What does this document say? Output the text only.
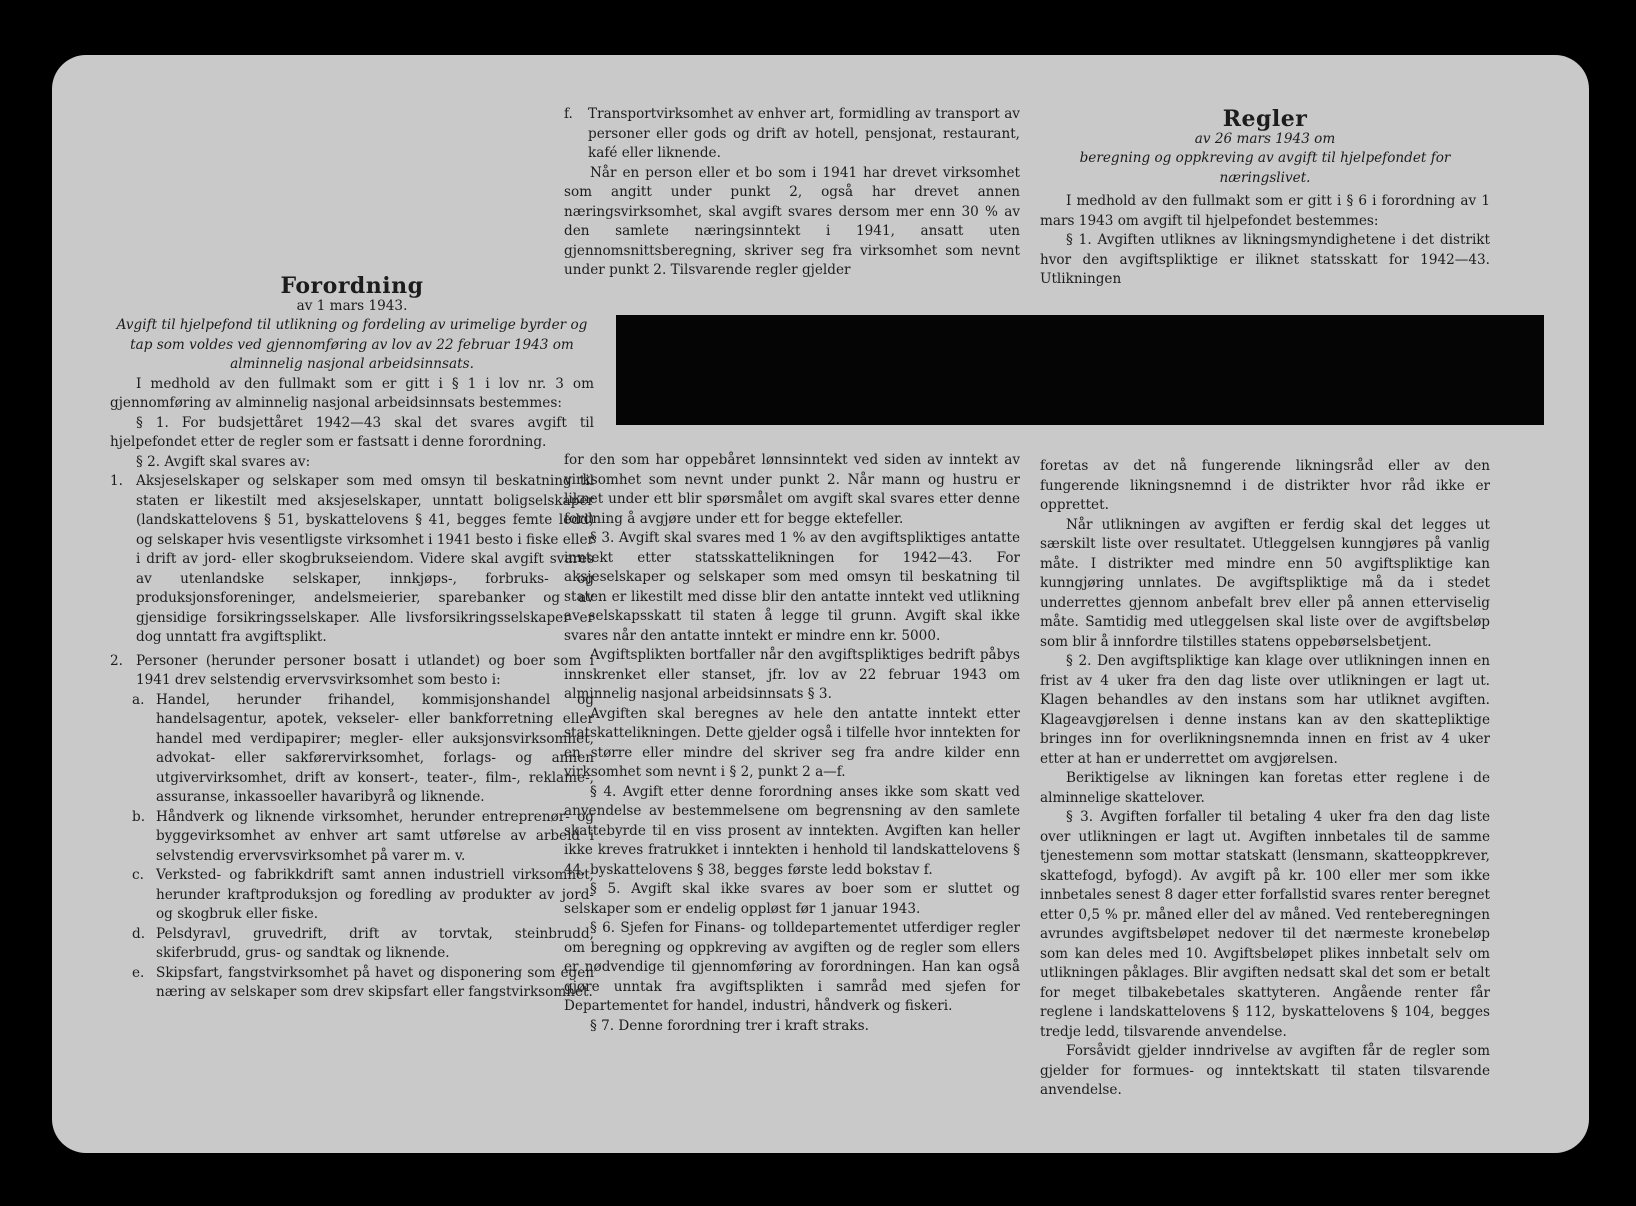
Forordning

av 1 mars 1943.

Avgift til hjelpefond til utlikning og fordeling av urimelige byrder og tap som voldes ved gjennomføring av lov av 22 februar 1943 om alminnelig nasjonal arbeidsinnsats.

I medhold av den fullmakt som er gitt i § 1 i lov nr. 3 om gjennomføring av alminnelig nasjonal arbeidsinnsats bestemmes:

§ 1. For budsjettåret 1942—43 skal det svares avgift til hjelpefondet etter de regler som er fastsatt i denne forordning.

§ 2. Avgift skal svares av:

1. Aksjeselskaper og selskaper som med omsyn til beskatning til staten er likestilt med aksjeselskaper, unntatt boligselskaper (landskattelovens § 51, byskattelovens § 41, begges femte ledd) og selskaper hvis vesentligste virksomhet i 1941 besto i fiske eller i drift av jord- eller skogbrukseiendom. Videre skal avgift svares av utenlandske selskaper, innkjøps-, forbruks- og produksjonsforeninger, andelsmeierier, sparebanker og av gjensidige forsikringsselskaper. Alle livsforsikringsselskaper er dog unntatt fra avgiftsplikt.
2. Personer (herunder personer bosatt i utlandet) og boer som i 1941 drev selstendig ervervsvirksomhet som besto i:
a. Handel, herunder frihandel, kommisjonshandel og handelsagentur, apotek, vekseler- eller bankforretning eller handel med verdipapirer; megler- eller auksjonsvirksomhet, advokat- eller sakførervirksomhet, forlags- og annen utgivervirksomhet, drift av konsert-, teater-, film-, reklame-, assuranse, inkassoeller havaribyrå og liknende.
b. Håndverk og liknende virksomhet, herunder entreprenør- og byggevirksomhet av enhver art samt utførelse av arbeid i selvstendig ervervsvirksomhet på varer m. v.
c. Verksted- og fabrikkdrift samt annen industriell virksomhet, herunder kraftproduksjon og foredling av produkter av jord- og skogbruk eller fiske.
d. Pelsdyravl, gruvedrift, drift av torvtak, steinbrudd, skiferbrudd, grus- og sandtak og liknende.
e. Skipsfart, fangstvirksomhet på havet og disponering som egen næring av selskaper som drev skipsfart eller fangstvirksomhet.
f. Transportvirksomhet av enhver art, formidling av transport av personer eller gods og drift av hotell, pensjonat, restaurant, kafé eller liknende.

Når en person eller et bo som i 1941 har drevet virksomhet som angitt under punkt 2, også har drevet annen næringsvirksomhet, skal avgift svares dersom mer enn 30 % av den samlete næringsinntekt i 1941, ansatt uten gjennomsnittsberegning, skriver seg fra virksomhet som nevnt under punkt 2. Tilsvarende regler gjelder

Regler

av 26 mars 1943 om

beregning og oppkreving av avgift til hjelpefondet for næringslivet.

I medhold av den fullmakt som er gitt i § 6 i forordning av 1 mars 1943 om avgift til hjelpefondet bestemmes:

§ 1. Avgiften utliknes av likningsmyndighetene i det distrikt hvor den avgiftspliktige er iliknet statsskatt for 1942—43. Utlikningen

for den som har oppebåret lønnsinntekt ved siden av inntekt av virksomhet som nevnt under punkt 2. Når mann og hustru er liknet under ett blir spørsmålet om avgift skal svares etter denne fordning å avgjøre under ett for begge ektefeller.

§ 3. Avgift skal svares med 1 % av den avgiftspliktiges antatte inntekt etter statsskattelikningen for 1942—43. For aksjeselskaper og selskaper som med omsyn til beskatning til staten er likestilt med disse blir den antatte inntekt ved utlikning av selskapsskatt til staten å legge til grunn. Avgift skal ikke svares når den antatte inntekt er mindre enn kr. 5000.

Avgiftsplikten bortfaller når den avgiftspliktiges bedrift påbys innskrenket eller stanset, jfr. lov av 22 februar 1943 om alminnelig nasjonal arbeidsinnsats § 3.

Avgiften skal beregnes av hele den antatte inntekt etter statskattelikningen. Dette gjelder også i tilfelle hvor inntekten for en større eller mindre del skriver seg fra andre kilder enn virksomhet som nevnt i § 2, punkt 2 a—f.

§ 4. Avgift etter denne forordning anses ikke som skatt ved anvendelse av bestemmelsene om begrensning av den samlete skattebyrde til en viss prosent av inntekten. Avgiften kan heller ikke kreves fratrukket i inntekten i henhold til landskattelovens § 44, byskattelovens § 38, begges første ledd bokstav f.

§ 5. Avgift skal ikke svares av boer som er sluttet og selskaper som er endelig oppløst før 1 januar 1943.

§ 6. Sjefen for Finans- og tolldepartementet utferdiger regler om beregning og oppkreving av avgiften og de regler som ellers er nødvendige til gjennomføring av forordningen. Han kan også gjøre unntak fra avgiftsplikten i samråd med sjefen for Departementet for handel, industri, håndverk og fiskeri.

§ 7. Denne forordning trer i kraft straks.

foretas av det nå fungerende likningsråd eller av den fungerende likningsnemnd i de distrikter hvor råd ikke er opprettet.

Når utlikningen av avgiften er ferdig skal det legges ut særskilt liste over resultatet. Utleggelsen kunngjøres på vanlig måte. I distrikter med mindre enn 50 avgiftspliktige kan kunngjøring unnlates. De avgiftspliktige må da i stedet underrettes gjennom anbefalt brev eller på annen etterviselig måte. Samtidig med utleggelsen skal liste over de avgiftsbeløp som blir å innfordre tilstilles statens oppebørselsbetjent.

§ 2. Den avgiftspliktige kan klage over utlikningen innen en frist av 4 uker fra den dag liste over utlikningen er lagt ut. Klagen behandles av den instans som har utliknet avgiften. Klageavgjørelsen i denne instans kan av den skattepliktige bringes inn for overlikningsnemnda innen en frist av 4 uker etter at han er underrettet om avgjørelsen.

Beriktigelse av likningen kan foretas etter reglene i de alminnelige skattelover.

§ 3. Avgiften forfaller til betaling 4 uker fra den dag liste over utlikningen er lagt ut. Avgiften innbetales til de samme tjenestemenn som mottar statskatt (lensmann, skatteoppkrever, skattefogd, byfogd). Av avgift på kr. 100 eller mer som ikke innbetales senest 8 dager etter forfallstid svares renter beregnet etter 0,5 % pr. måned eller del av måned. Ved renteberegningen avrundes avgiftsbeløpet nedover til det nærmeste kronebeløp som kan deles med 10. Avgiftsbeløpet plikes innbetalt selv om utlikningen påklages. Blir avgiften nedsatt skal det som er betalt for meget tilbakebetales skattyteren. Angående renter får reglene i landskattelovens § 112, byskattelovens § 104, begges tredje ledd, tilsvarende anvendelse.

Forsåvidt gjelder inndrivelse av avgiften får de regler som gjelder for formues- og inntektskatt til staten tilsvarende anvendelse.
